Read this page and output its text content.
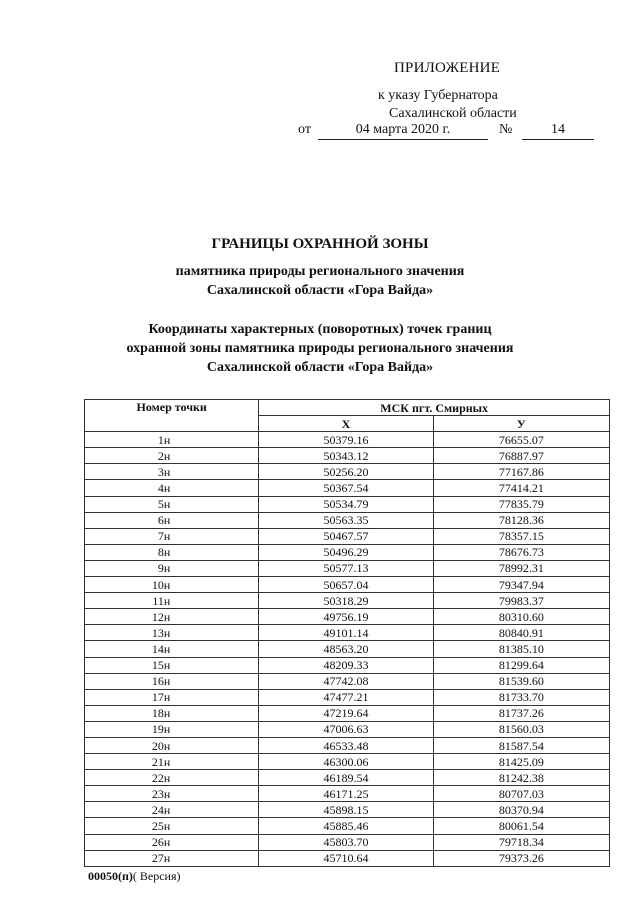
ПРИЛОЖЕНИЕ
к указу Губернатора
Сахалинской области
от	04 марта 2020 г.	№	14
ГРАНИЦЫ ОХРАННОЙ ЗОНЫ
памятника природы регионального значения
Сахалинской области «Гора Вайда»
Координаты характерных (поворотных) точек границ
охранной зоны памятника природы регионального значения
Сахалинской области «Гора Вайда»
Номер точки	МСК пгт. Смирных	
	Х	У
1н	50379.16	76655.07
2н	50343.12	76887.97
3н	50256.20	77167.86
4н	50367.54	77414.21
5н	50534.79	77835.79
6н	50563.35	78128.36
7н	50467.57	78357.15
8н	50496.29	78676.73
9н	50577.13	78992.31
10н	50657.04	79347.94
11н	50318.29	79983.37
12н	49756.19	80310.60
13н	49101.14	80840.91
14н	48563.20	81385.10
15н	48209.33	81299.64
16н	47742.08	81539.60
17н	47477.21	81733.70
18н	47219.64	81737.26
19н	47006.63	81560.03
20н	46533.48	81587.54
21н	46300.06	81425.09
22н	46189.54	81242.38
23н	46171.25	80707.03
24н	45898.15	80370.94
25н	45885.46	80061.54
26н	45803.70	79718.34
27н	45710.64	79373.26
00050(п)( Версия)
